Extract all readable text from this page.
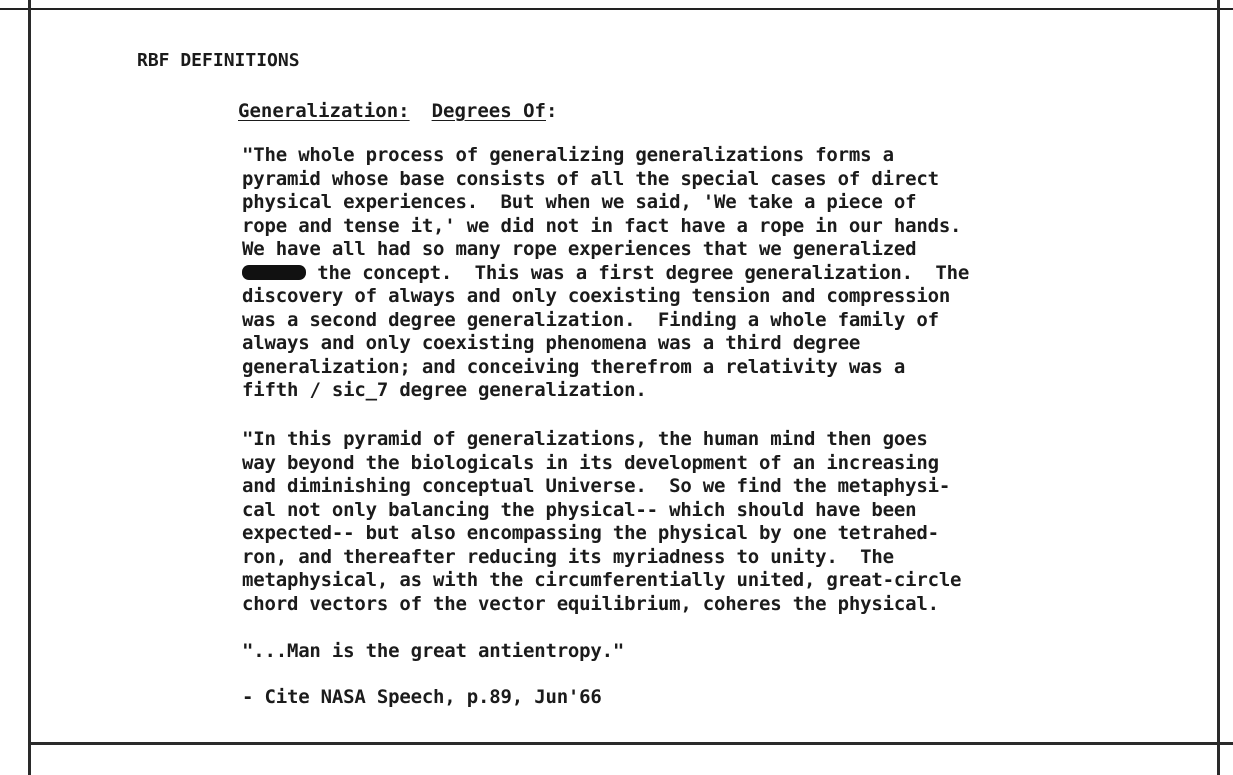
RBF DEFINITIONS
Generalization: Degrees Of:
"The whole process of generalizing generalizations forms a
pyramid whose base consists of all the special cases of direct
physical experiences.  But when we said, 'We take a piece of
rope and tense it,' we did not in fact have a rope in our hands.
We have all had so many rope experiences that we generalized
the concept.  This was a first degree generalization.  The
discovery of always and only coexisting tension and compression
was a second degree generalization.  Finding a whole family of
always and only coexisting phenomena was a third degree
generalization; and conceiving therefrom a relativity was a
fifth / sic_7 degree generalization.
"In this pyramid of generalizations, the human mind then goes
way beyond the biologicals in its development of an increasing
and diminishing conceptual Universe.  So we find the metaphysi-
cal not only balancing the physical-- which should have been
expected-- but also encompassing the physical by one tetrahed-
ron, and thereafter reducing its myriadness to unity.  The
metaphysical, as with the circumferentially united, great-circle
chord vectors of the vector equilibrium, coheres the physical.
"...Man is the great antientropy."
- Cite NASA Speech, p.89, Jun'66
